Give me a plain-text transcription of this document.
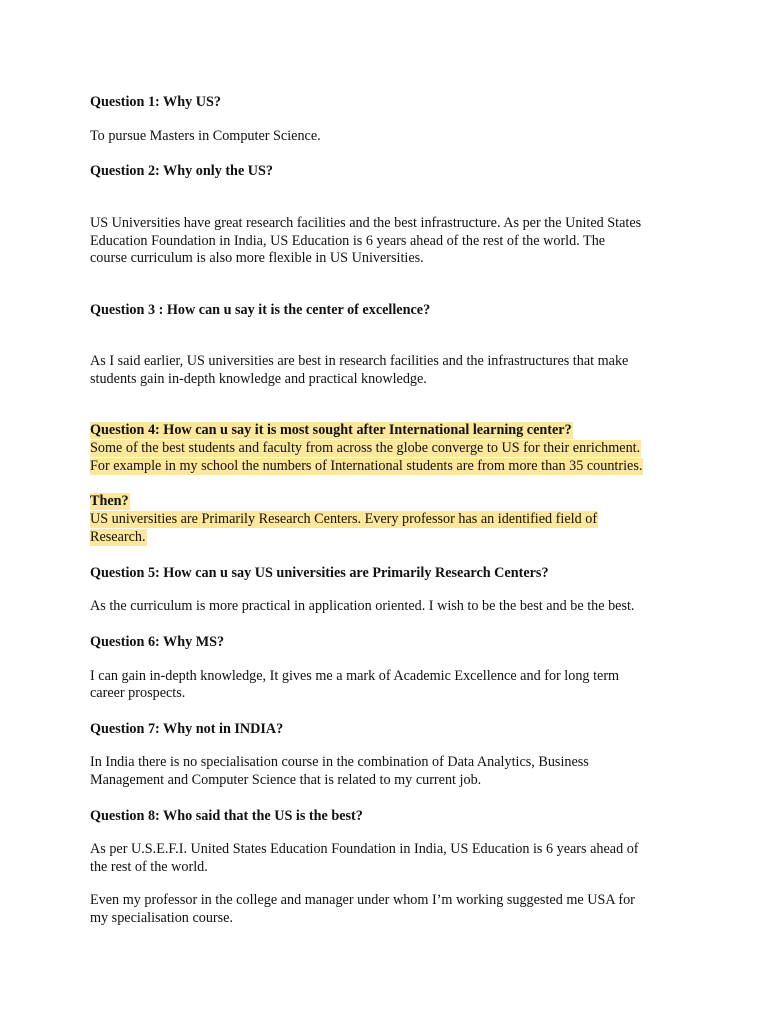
Question 1: Why US?
To pursue Masters in Computer Science.
Question 2: Why only the US?
US Universities have great research facilities and the best infrastructure. As per the United States
Education Foundation in India, US Education is 6 years ahead of the rest of the world. The
course curriculum is also more flexible in US Universities.
Question 3 : How can u say it is the center of excellence?
As I said earlier, US universities are best in research facilities and the infrastructures that make
students gain in-depth knowledge and practical knowledge.
Question 4: How can u say it is most sought after International learning center?
Some of the best students and faculty from across the globe converge to US for their enrichment.
For example in my school the numbers of International students are from more than 35 countries.
Then?
US universities are Primarily Research Centers. Every professor has an identified field of
Research.
Question 5: How can u say US universities are Primarily Research Centers?
As the curriculum is more practical in application oriented. I wish to be the best and be the best.
Question 6: Why MS?
I can gain in-depth knowledge, It gives me a mark of Academic Excellence and for long term
career prospects.
Question 7: Why not in INDIA?
In India there is no specialisation course in the combination of Data Analytics, Business
Management and Computer Science that is related to my current job.
Question 8: Who said that the US is the best?
As per U.S.E.F.I. United States Education Foundation in India, US Education is 6 years ahead of
the rest of the world.
Even my professor in the college and manager under whom I’m working suggested me USA for
my specialisation course.
